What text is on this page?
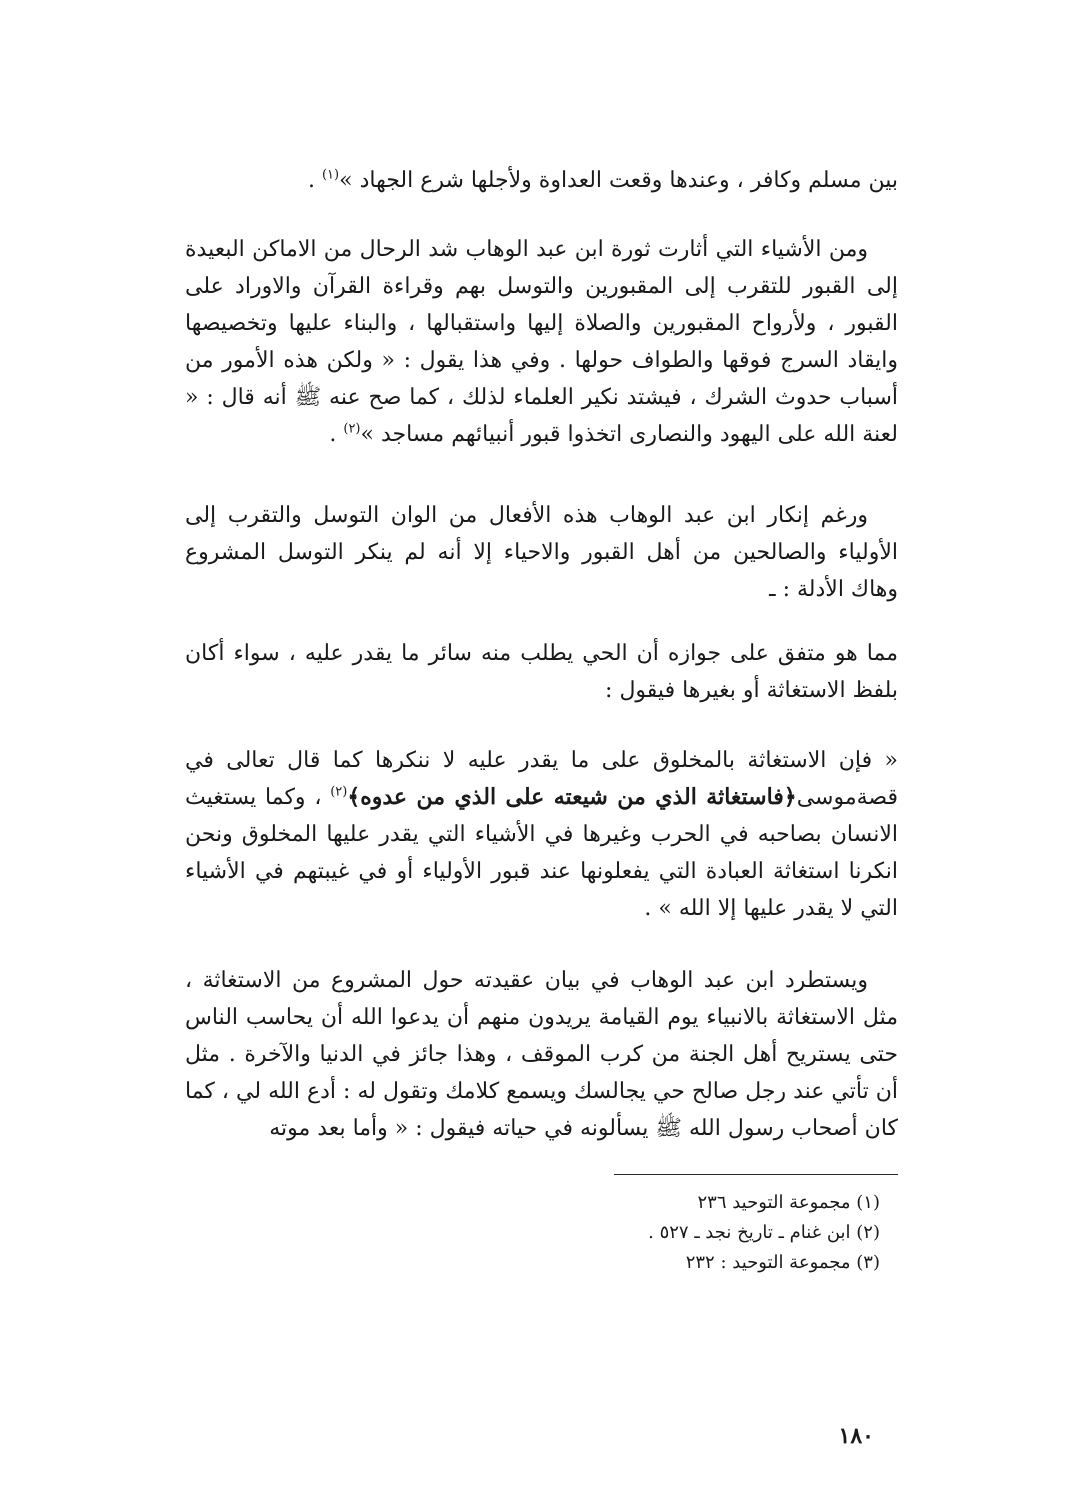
بين مسلم وكافر ، وعندها وقعت العداوة ولأجلها شرع الجهاد »$^{(١)}$ .

ومن الأشياء التي أثارت ثورة ابن عبد الوهاب شد الرحال من الاماكن البعيدة إلى القبور للتقرب إلى المقبورين والتوسل بهم وقراءة القرآن والاوراد على القبور ، ولأرواح المقبورين والصلاة إليها واستقبالها ، والبناء عليها وتخصيصها وايقاد السرج فوقها والطواف حولها . وفي هذا يقول : « ولكن هذه الأمور من أسباب حدوث الشرك ، فيشتد نكير العلماء لذلك ، كما صح عنه ﷺ أنه قال : « لعنة الله على اليهود والنصارى اتخذوا قبور أنبيائهم مساجد »$^{(٢)}$ .

ورغم إنكار ابن عبد الوهاب هذه الأفعال من الوان التوسل والتقرب إلى الأولياء والصالحين من أهل القبور والاحياء إلا أنه لم ينكر التوسل المشروع وهاك الأدلة : ـ

مما هو متفق على جوازه أن الحي يطلب منه سائر ما يقدر عليه ، سواء أكان بلفظ الاستغاثة أو بغيرها فيقول :

« فإن الاستغاثة بالمخلوق على ما يقدر عليه لا ننكرها كما قال تعالى في قصةموسى﴿فاستغاثة الذي من شيعته على الذي من عدوه﴾$^{(٢)}$ ، وكما يستغيث الانسان بصاحبه في الحرب وغيرها في الأشياء التي يقدر عليها المخلوق ونحن انكرنا استغاثة العبادة التي يفعلونها عند قبور الأولياء أو في غيبتهم في الأشياء التي لا يقدر عليها إلا الله » .

ويستطرد ابن عبد الوهاب في بيان عقيدته حول المشروع من الاستغاثة ، مثل الاستغاثة بالانبياء يوم القيامة يريدون منهم أن يدعوا الله أن يحاسب الناس حتى يستريح أهل الجنة من كرب الموقف ، وهذا جائز في الدنيا والآخرة . مثل أن تأتي عند رجل صالح حي يجالسك ويسمع كلامك وتقول له : أدع الله لي ، كما كان أصحاب رسول الله ﷺ يسألونه في حياته فيقول : « وأما بعد موته

(١) مجموعة التوحيد ٢٣٦

(٢) ابن غنام ـ تاريخ نجد ـ ٥٢٧ .

(٣) مجموعة التوحيد : ٢٣٢

١٨٠
